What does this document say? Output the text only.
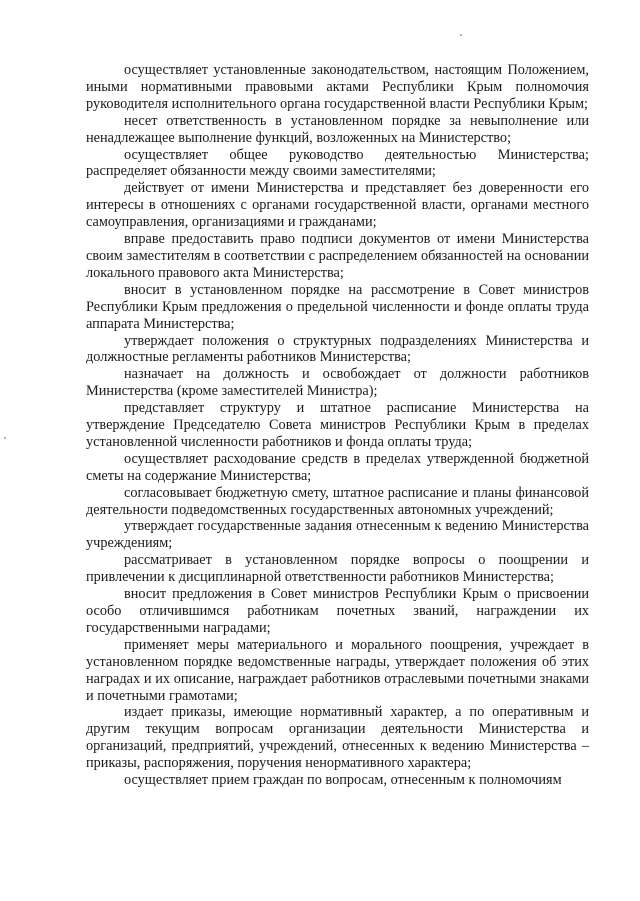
осуществляет установленные законодательством, настоящим Положением, иными нормативными правовыми актами Республики Крым полномочия руководителя исполнительного органа государственной власти Республики Крым;

несет ответственность в установленном порядке за невыполнение или ненадлежащее выполнение функций, возложенных на Министерство;

осуществляет общее руководство деятельностью Министерства; распределяет обязанности между своими заместителями;

действует от имени Министерства и представляет без доверенности его интересы в отношениях с органами государственной власти, органами местного самоуправления, организациями и гражданами;

вправе предоставить право подписи документов от имени Министерства своим заместителям в соответствии с распределением обязанностей на основании локального правового акта Министерства;

вносит в установленном порядке на рассмотрение в Совет министров Республики Крым предложения о предельной численности и фонде оплаты труда аппарата Министерства;

утверждает положения о структурных подразделениях Министерства и должностные регламенты работников Министерства;

назначает на должность и освобождает от должности работников Министерства (кроме заместителей Министра);

представляет структуру и штатное расписание Министерства на утверждение Председателю Совета министров Республики Крым в пределах установленной численности работников и фонда оплаты труда;

осуществляет расходование средств в пределах утвержденной бюджетной сметы на содержание Министерства;

согласовывает бюджетную смету, штатное расписание и планы финансовой деятельности подведомственных государственных автономных учреждений;

утверждает государственные задания отнесенным к ведению Министерства учреждениям;

рассматривает в установленном порядке вопросы о поощрении и привлечении к дисциплинарной ответственности работников Министерства;

вносит предложения в Совет министров Республики Крым о присвоении особо отличившимся работникам почетных званий, награждении их государственными наградами;

применяет меры материального и морального поощрения, учреждает в установленном порядке ведомственные награды, утверждает положения об этих наградах и их описание, награждает работников отраслевыми почетными знаками и почетными грамотами;

издает приказы, имеющие нормативный характер, а по оперативным и другим текущим вопросам организации деятельности Министерства и организаций, предприятий, учреждений, отнесенных к ведению Министерства – приказы, распоряжения, поручения ненормативного характера;

осуществляет прием граждан по вопросам, отнесенным к полномочиям
